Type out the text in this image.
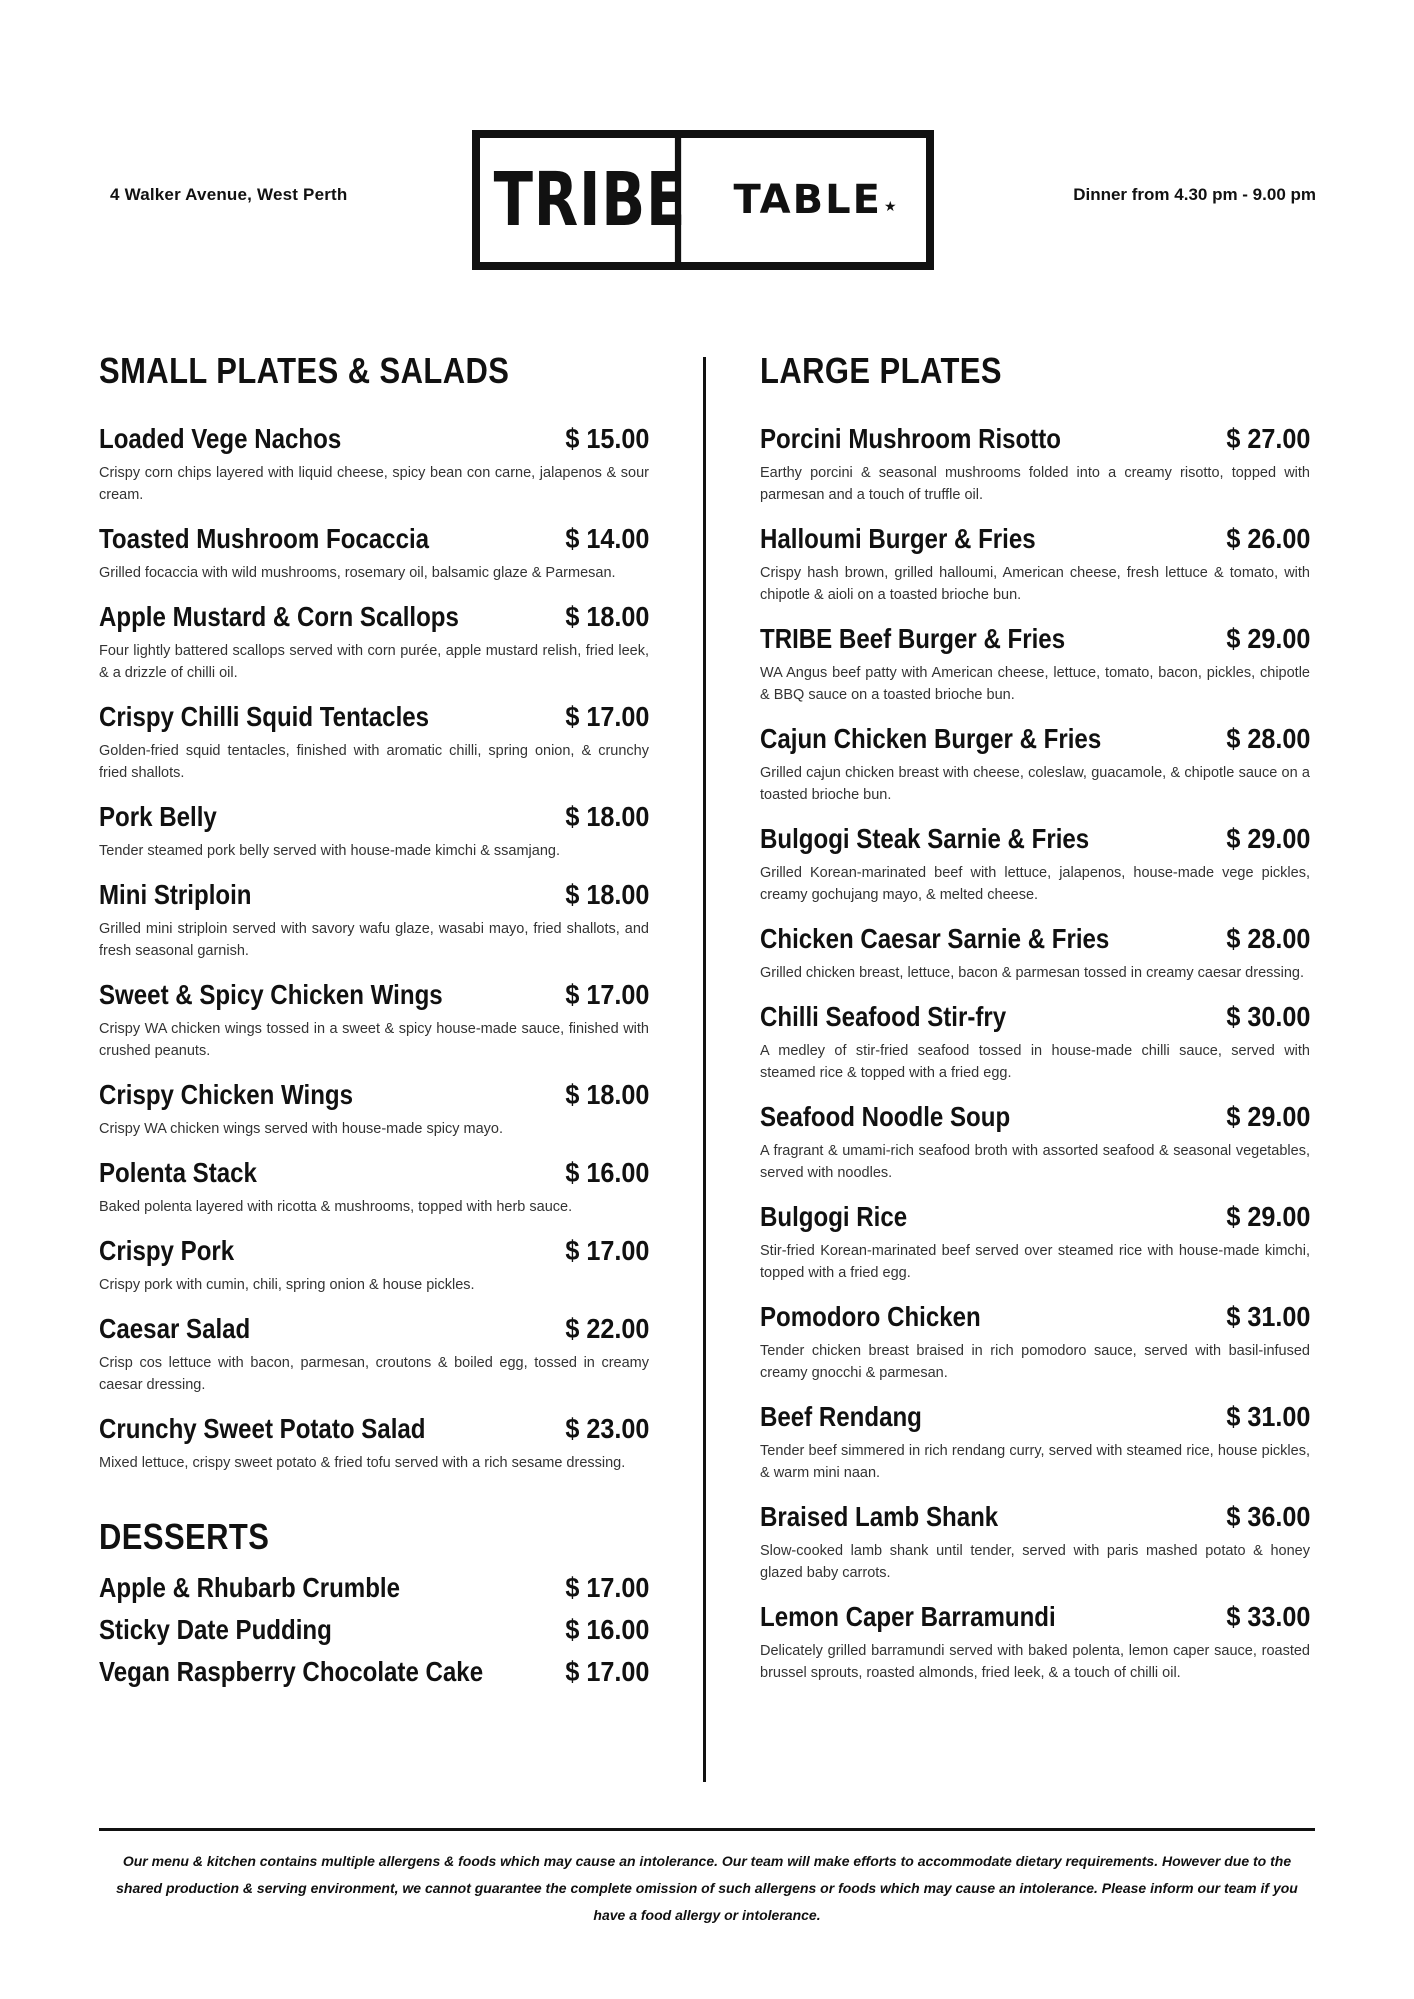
4 Walker Avenue, West Perth TRIBE TABLE ★
Dinner from 4.30 pm - 9.00 pm
SMALL PLATES & SALADS
Loaded Vege Nachos	$ 15.00
Crispy corn chips layered with liquid cheese, spicy bean con carne, jalapenos & sour cream.
Toasted Mushroom Focaccia	$ 14.00
Grilled focaccia with wild mushrooms, rosemary oil, balsamic glaze & Parmesan.
Apple Mustard & Corn Scallops	$ 18.00
Four lightly battered scallops served with corn purée, apple mustard relish, fried leek, & a drizzle of chilli oil.
Crispy Chilli Squid Tentacles	$ 17.00
Golden-fried squid tentacles, finished with aromatic chilli, spring onion, & crunchy fried shallots.
Pork Belly	$ 18.00
Tender steamed pork belly served with house-made kimchi & ssamjang.
Mini Striploin	$ 18.00
Grilled mini striploin served with savory wafu glaze, wasabi mayo, fried shallots, and fresh seasonal garnish.
Sweet & Spicy Chicken Wings	$ 17.00
Crispy WA chicken wings tossed in a sweet & spicy house-made sauce, finished with crushed peanuts.
Crispy Chicken Wings	$ 18.00
Crispy WA chicken wings served with house-made spicy mayo.
Polenta Stack	$ 16.00
Baked polenta layered with ricotta & mushrooms, topped with herb sauce.
Crispy Pork	$ 17.00
Crispy pork with cumin, chili, spring onion & house pickles.
Caesar Salad	$ 22.00
Crisp cos lettuce with bacon, parmesan, croutons & boiled egg, tossed in creamy caesar dressing.
Crunchy Sweet Potato Salad	$ 23.00
Mixed lettuce, crispy sweet potato & fried tofu served with a rich sesame dressing.
DESSERTS
Apple & Rhubarb Crumble	$ 17.00
Sticky Date Pudding	$ 16.00
Vegan Raspberry Chocolate Cake	$ 17.00
LARGE PLATES
Porcini Mushroom Risotto	$ 27.00
Earthy porcini & seasonal mushrooms folded into a creamy risotto, topped with parmesan and a touch of truffle oil.
Halloumi Burger & Fries	$ 26.00
Crispy hash brown, grilled halloumi, American cheese, fresh lettuce & tomato, with chipotle & aioli on a toasted brioche bun.
TRIBE Beef Burger & Fries	$ 29.00
WA Angus beef patty with American cheese, lettuce, tomato, bacon, pickles, chipotle & BBQ sauce on a toasted brioche bun.
Cajun Chicken Burger & Fries	$ 28.00
Grilled cajun chicken breast with cheese, coleslaw, guacamole, & chipotle sauce on a toasted brioche bun.
Bulgogi Steak Sarnie & Fries	$ 29.00
Grilled Korean-marinated beef with lettuce, jalapenos, house-made vege pickles, creamy gochujang mayo, & melted cheese.
Chicken Caesar Sarnie & Fries	$ 28.00
Grilled chicken breast, lettuce, bacon & parmesan tossed in creamy caesar dressing.
Chilli Seafood Stir-fry	$ 30.00
A medley of stir-fried seafood tossed in house-made chilli sauce, served with steamed rice & topped with a fried egg.
Seafood Noodle Soup	$ 29.00
A fragrant & umami-rich seafood broth with assorted seafood & seasonal vegetables, served with noodles.
Bulgogi Rice	$ 29.00
Stir-fried Korean-marinated beef served over steamed rice with house-made kimchi, topped with a fried egg.
Pomodoro Chicken	$ 31.00
Tender chicken breast braised in rich pomodoro sauce, served with basil-infused creamy gnocchi & parmesan.
Beef Rendang	$ 31.00
Tender beef simmered in rich rendang curry, served with steamed rice, house pickles, & warm mini naan.
Braised Lamb Shank	$ 36.00
Slow-cooked lamb shank until tender, served with paris mashed potato & honey glazed baby carrots.
Lemon Caper Barramundi	$ 33.00
Delicately grilled barramundi served with baked polenta, lemon caper sauce, roasted brussel sprouts, roasted almonds, fried leek, & a touch of chilli oil.
Our menu & kitchen contains multiple allergens & foods which may cause an intolerance. Our team will make efforts to accommodate dietary requirements. However due to the shared production & serving environment, we cannot guarantee the complete omission of such allergens or foods which may cause an intolerance. Please inform our team if you have a food allergy or intolerance.
